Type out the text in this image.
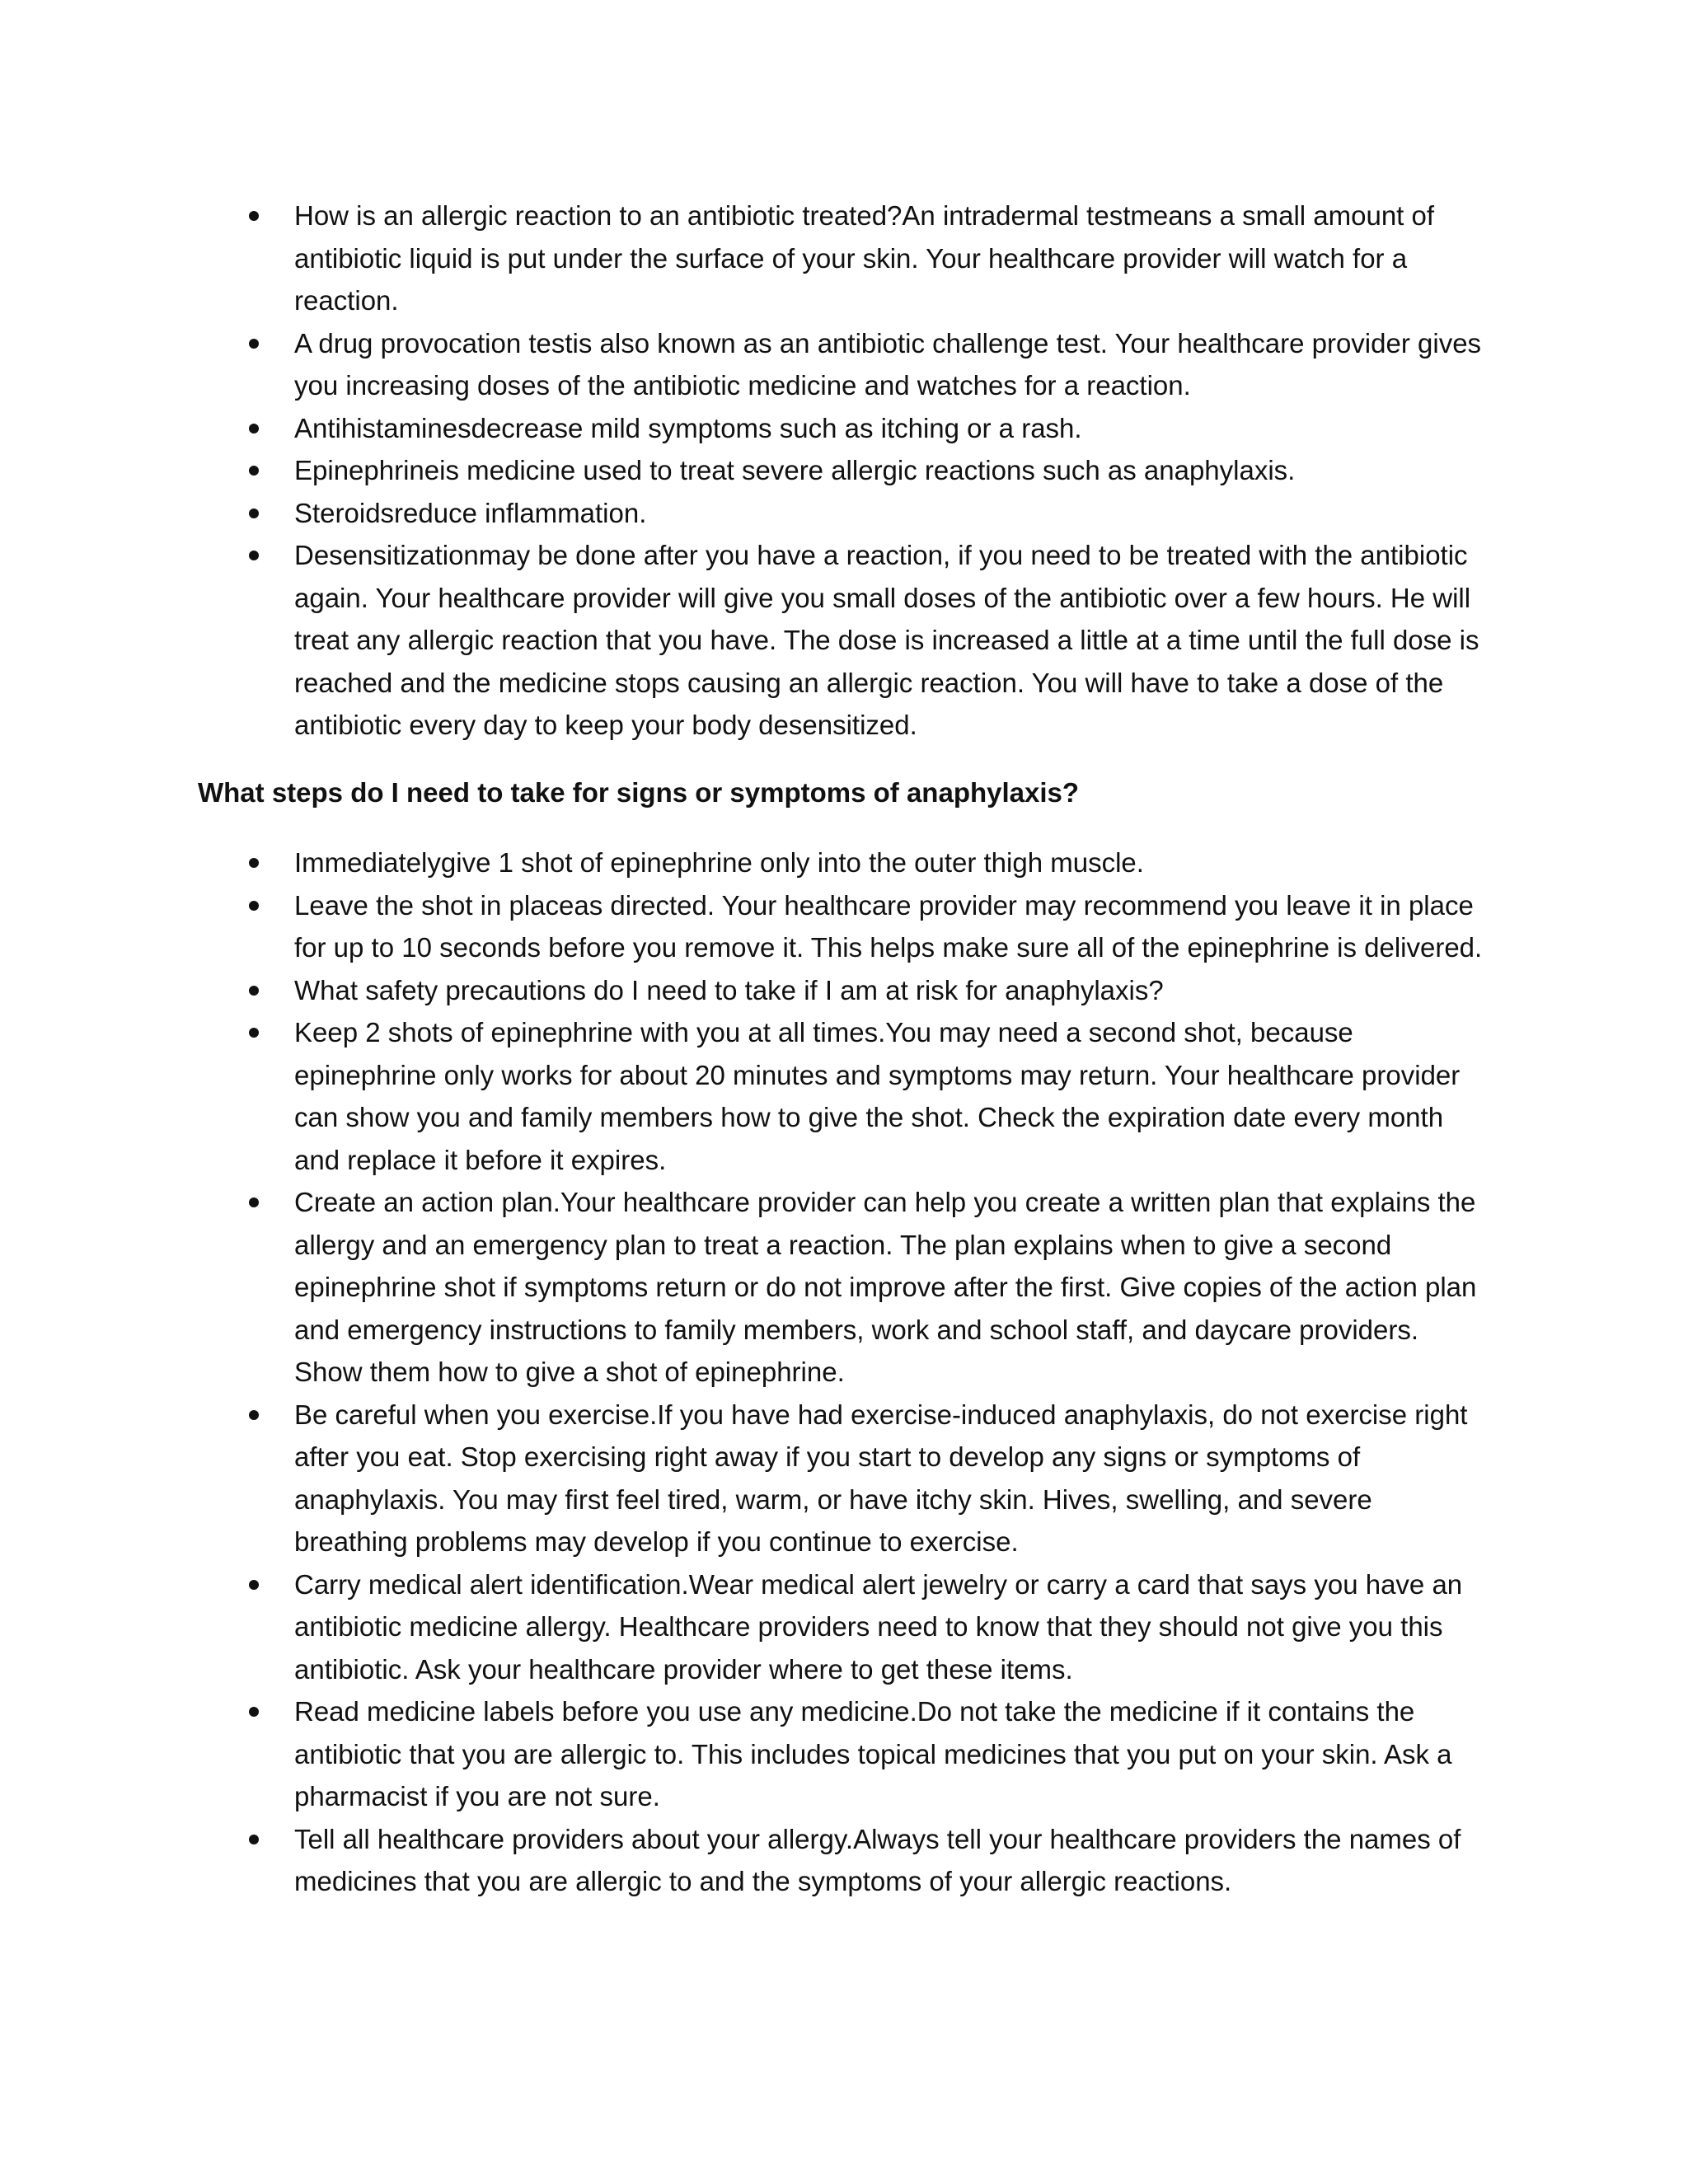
How is an allergic reaction to an antibiotic treated?An intradermal testmeans a small amount of antibiotic liquid is put under the surface of your skin. Your healthcare provider will watch for a reaction.
A drug provocation testis also known as an antibiotic challenge test. Your healthcare provider gives you increasing doses of the antibiotic medicine and watches for a reaction.
Antihistaminesdecrease mild symptoms such as itching or a rash.
Epinephrineis medicine used to treat severe allergic reactions such as anaphylaxis.
Steroidsreduce inflammation.
Desensitizationmay be done after you have a reaction, if you need to be treated with the antibiotic again. Your healthcare provider will give you small doses of the antibiotic over a few hours. He will treat any allergic reaction that you have. The dose is increased a little at a time until the full dose is reached and the medicine stops causing an allergic reaction. You will have to take a dose of the antibiotic every day to keep your body desensitized.
What steps do I need to take for signs or symptoms of anaphylaxis?
Immediatelygive 1 shot of epinephrine only into the outer thigh muscle.
Leave the shot in placeas directed. Your healthcare provider may recommend you leave it in place for up to 10 seconds before you remove it. This helps make sure all of the epinephrine is delivered.
What safety precautions do I need to take if I am at risk for anaphylaxis?
Keep 2 shots of epinephrine with you at all times.You may need a second shot, because epinephrine only works for about 20 minutes and symptoms may return. Your healthcare provider can show you and family members how to give the shot. Check the expiration date every month and replace it before it expires.
Create an action plan.Your healthcare provider can help you create a written plan that explains the allergy and an emergency plan to treat a reaction. The plan explains when to give a second epinephrine shot if symptoms return or do not improve after the first. Give copies of the action plan and emergency instructions to family members, work and school staff, and daycare providers. Show them how to give a shot of epinephrine.
Be careful when you exercise.If you have had exercise-induced anaphylaxis, do not exercise right after you eat. Stop exercising right away if you start to develop any signs or symptoms of anaphylaxis. You may first feel tired, warm, or have itchy skin. Hives, swelling, and severe breathing problems may develop if you continue to exercise.
Carry medical alert identification.Wear medical alert jewelry or carry a card that says you have an antibiotic medicine allergy. Healthcare providers need to know that they should not give you this antibiotic. Ask your healthcare provider where to get these items.
Read medicine labels before you use any medicine.Do not take the medicine if it contains the antibiotic that you are allergic to. This includes topical medicines that you put on your skin. Ask a pharmacist if you are not sure.
Tell all healthcare providers about your allergy.Always tell your healthcare providers the names of medicines that you are allergic to and the symptoms of your allergic reactions.
